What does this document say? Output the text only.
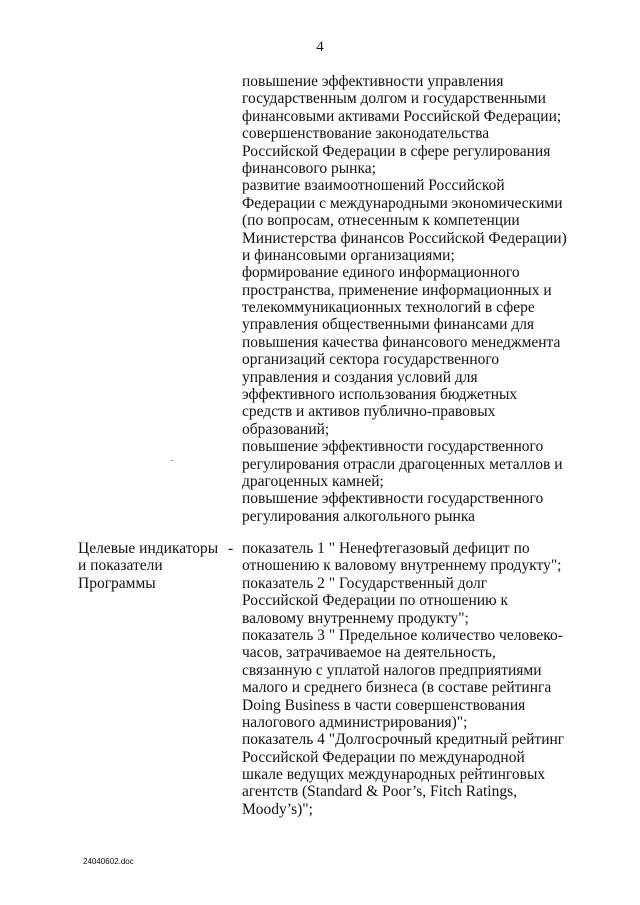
4
повышение эффективности управления
государственным долгом и государственными
финансовыми активами Российской Федерации;
совершенствование законодательства
Российской Федерации в сфере регулирования
финансового рынка;
развитие взаимоотношений Российской
Федерации с международными экономическими
(по вопросам, отнесенным к компетенции
Министерства финансов Российской Федерации)
и финансовыми организациями;
формирование единого информационного
пространства, применение информационных и
телекоммуникационных технологий в сфере
управления общественными финансами для
повышения качества финансового менеджмента
организаций сектора государственного
управления и создания условий для
эффективного использования бюджетных
средств и активов публично-правовых
образований;
повышение эффективности государственного
регулирования отрасли драгоценных металлов и
драгоценных камней;
повышение эффективности государственного
регулирования алкогольного рынка
Целевые индикаторы
и показатели
Программы
- показатель 1 " Ненефтегазовый дефицит по
отношению к валовому внутреннему продукту";
показатель 2 " Государственный долг
Российской Федерации по отношению к
валовому внутреннему продукту";
показатель 3 " Предельное количество человеко-
часов, затрачиваемое на деятельность,
связанную с уплатой налогов предприятиями
малого и среднего бизнеса (в составе рейтинга
Doing Business в части совершенствования
налогового администрирования)";
показатель 4 "Долгосрочный кредитный рейтинг
Российской Федерации по международной
шкале ведущих международных рейтинговых
агентств (Standard & Poor’s, Fitch Ratings,
Moody’s)";
24040602.doc
